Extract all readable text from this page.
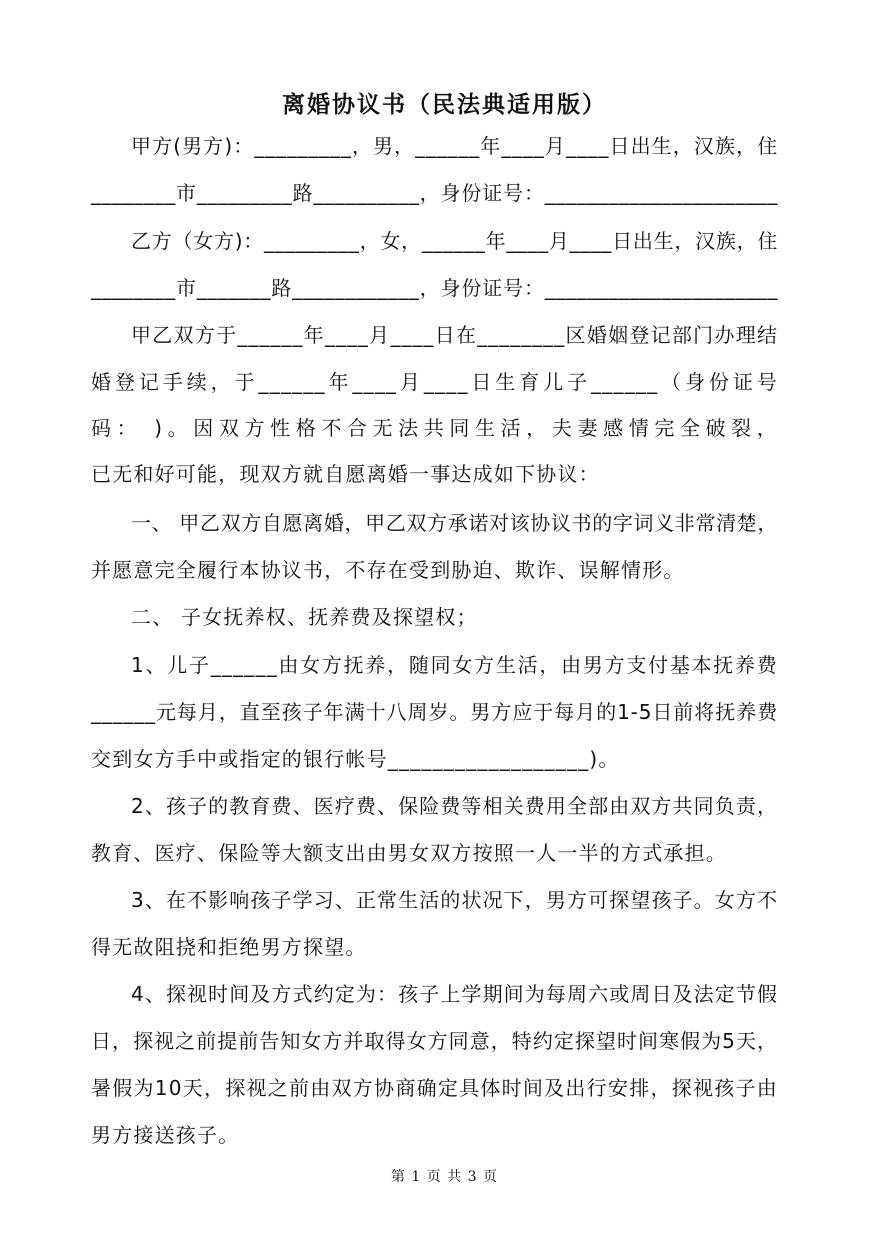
离婚协议书（民法典适用版）
甲方(男方)：_________，男，______年____月____日出生，汉族，住
________市_________路__________，身份证号：______________________
乙方（女方)：_________，女，______年____月____日出生，汉族，住
________市_______路____________，身份证号：______________________
甲乙双方于______年____月____日在________区婚姻登记部门办理结
婚登记手续，于______年____月____日生育儿子______（身份证号
码： )。因双方性格不合无法共同生活，夫妻感情完全破裂，
已无和好可能，现双方就自愿离婚一事达成如下协议：
一、 甲乙双方自愿离婚，甲乙双方承诺对该协议书的字词义非常清楚，
并愿意完全履行本协议书，不存在受到胁迫、欺诈、误解情形。
二、 子女抚养权、抚养费及探望权；
1、儿子______由女方抚养，随同女方生活，由男方支付基本抚养费
______元每月，直至孩子年满十八周岁。男方应于每月的1-5日前将抚养费
交到女方手中或指定的银行帐号__________________)。
2、孩子的教育费、医疗费、保险费等相关费用全部由双方共同负责，
教育、医疗、保险等大额支出由男女双方按照一人一半的方式承担。
3、在不影响孩子学习、正常生活的状况下，男方可探望孩子。女方不
得无故阻挠和拒绝男方探望。
4、探视时间及方式约定为：孩子上学期间为每周六或周日及法定节假
日，探视之前提前告知女方并取得女方同意，特约定探望时间寒假为5天，
暑假为10天，探视之前由双方协商确定具体时间及出行安排，探视孩子由
男方接送孩子。
第 1 页 共 3 页
